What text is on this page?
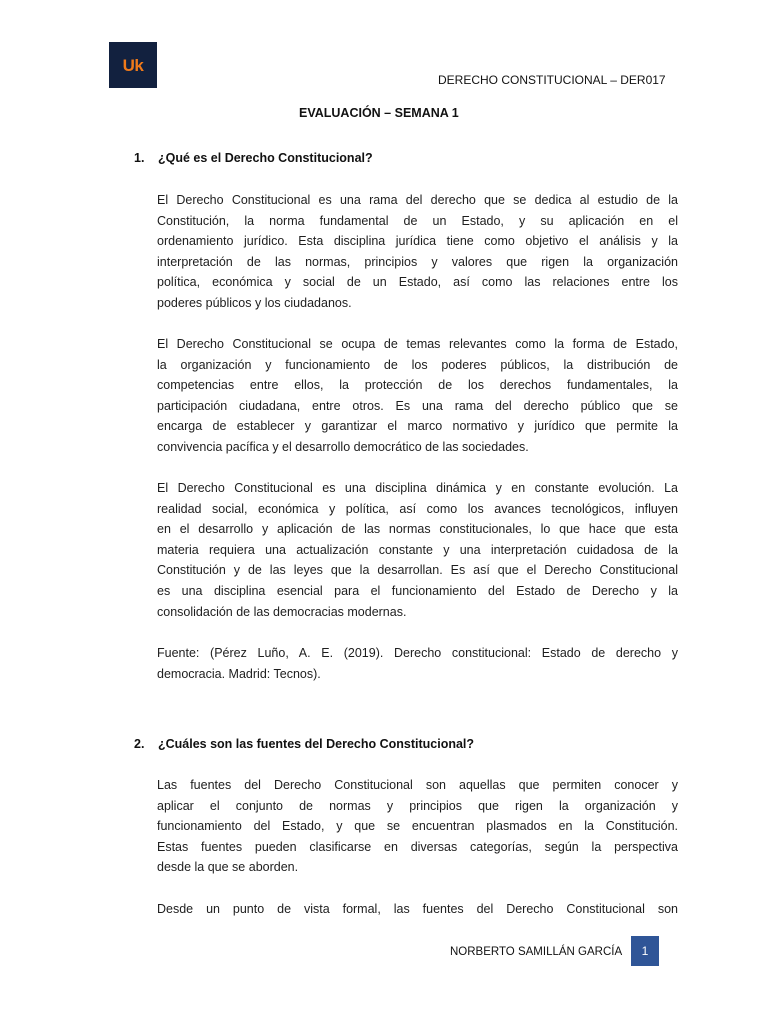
Uk
DERECHO CONSTITUCIONAL – DER017
EVALUACIÓN – SEMANA 1
1. ¿Qué es el Derecho Constitucional?
El Derecho Constitucional es una rama del derecho que se dedica al estudio de la
Constitución, la norma fundamental de un Estado, y su aplicación en el
ordenamiento jurídico. Esta disciplina jurídica tiene como objetivo el análisis y la
interpretación de las normas, principios y valores que rigen la organización
política, económica y social de un Estado, así como las relaciones entre los
poderes públicos y los ciudadanos.
El Derecho Constitucional se ocupa de temas relevantes como la forma de Estado,
la organización y funcionamiento de los poderes públicos, la distribución de
competencias entre ellos, la protección de los derechos fundamentales, la
participación ciudadana, entre otros. Es una rama del derecho público que se
encarga de establecer y garantizar el marco normativo y jurídico que permite la
convivencia pacífica y el desarrollo democrático de las sociedades.
El Derecho Constitucional es una disciplina dinámica y en constante evolución. La
realidad social, económica y política, así como los avances tecnológicos, influyen
en el desarrollo y aplicación de las normas constitucionales, lo que hace que esta
materia requiera una actualización constante y una interpretación cuidadosa de la
Constitución y de las leyes que la desarrollan. Es así que el Derecho Constitucional
es una disciplina esencial para el funcionamiento del Estado de Derecho y la
consolidación de las democracias modernas.
Fuente: (Pérez Luño, A. E. (2019). Derecho constitucional: Estado de derecho y
democracia. Madrid: Tecnos).
2. ¿Cuáles son las fuentes del Derecho Constitucional?
Las fuentes del Derecho Constitucional son aquellas que permiten conocer y
aplicar el conjunto de normas y principios que rigen la organización y
funcionamiento del Estado, y que se encuentran plasmados en la Constitución.
Estas fuentes pueden clasificarse en diversas categorías, según la perspectiva
desde la que se aborden.
Desde un punto de vista formal, las fuentes del Derecho Constitucional son
NORBERTO SAMILLÁN GARCÍA 1
